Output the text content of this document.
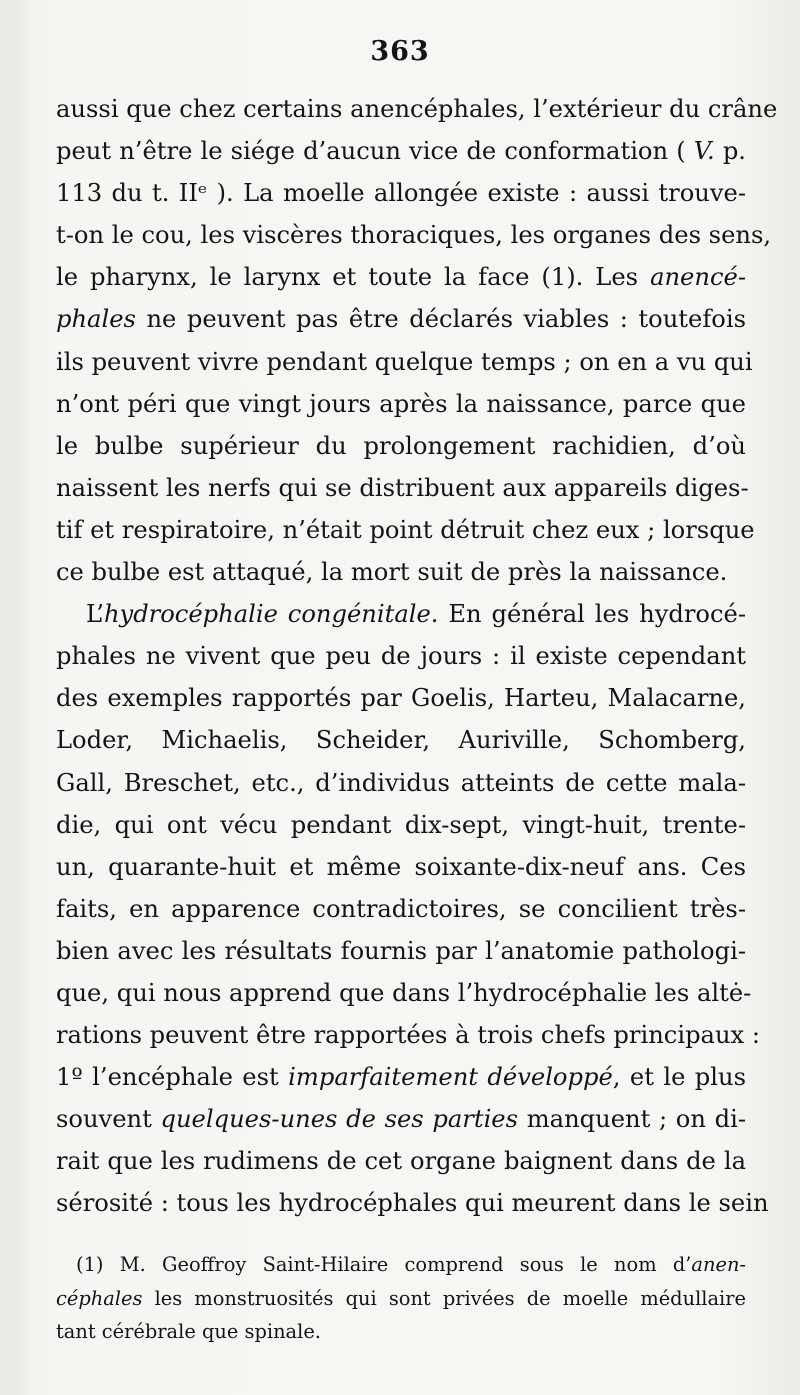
363
aussi que chez certains anencéphales, l’extérieur du crâne
peut n’être le siége d’aucun vice de conformation ( V. p.
113 du t. IIᵉ ). La moelle allongée existe : aussi trouve-
t-on le cou, les viscères thoraciques, les organes des sens,
le pharynx, le larynx et toute la face (1). Les anencé-
phales ne peuvent pas être déclarés viables : toutefois
ils peuvent vivre pendant quelque temps ; on en a vu qui
n’ont péri que vingt jours après la naissance, parce que
le bulbe supérieur du prolongement rachidien, d’où
naissent les nerfs qui se distribuent aux appareils diges-
tif et respiratoire, n’était point détruit chez eux ; lorsque
ce bulbe est attaqué, la mort suit de près la naissance.
L’hydrocéphalie congénitale. En général les hydrocé-
phales ne vivent que peu de jours : il existe cependant
des exemples rapportés par Goelis, Harteu, Malacarne,
Loder, Michaelis, Scheider, Auriville, Schomberg,
Gall, Breschet, etc., d’individus atteints de cette mala-
die, qui ont vécu pendant dix-sept, vingt-huit, trente-
un, quarante-huit et même soixante-dix-neuf ans. Ces
faits, en apparence contradictoires, se concilient très-
bien avec les résultats fournis par l’anatomie pathologi-
que, qui nous apprend que dans l’hydrocéphalie les altė-
rations peuvent être rapportées à trois chefs principaux :
1º l’encéphale est imparfaitement développé, et le plus
souvent quelques-unes de ses parties manquent ; on di-
rait que les rudimens de cet organe baignent dans de la
sérosité : tous les hydrocéphales qui meurent dans le sein
(1) M. Geoffroy Saint-Hilaire comprend sous le nom d’anen-
céphales les monstruosités qui sont privées de moelle médullaire
tant cérébrale que spinale.
